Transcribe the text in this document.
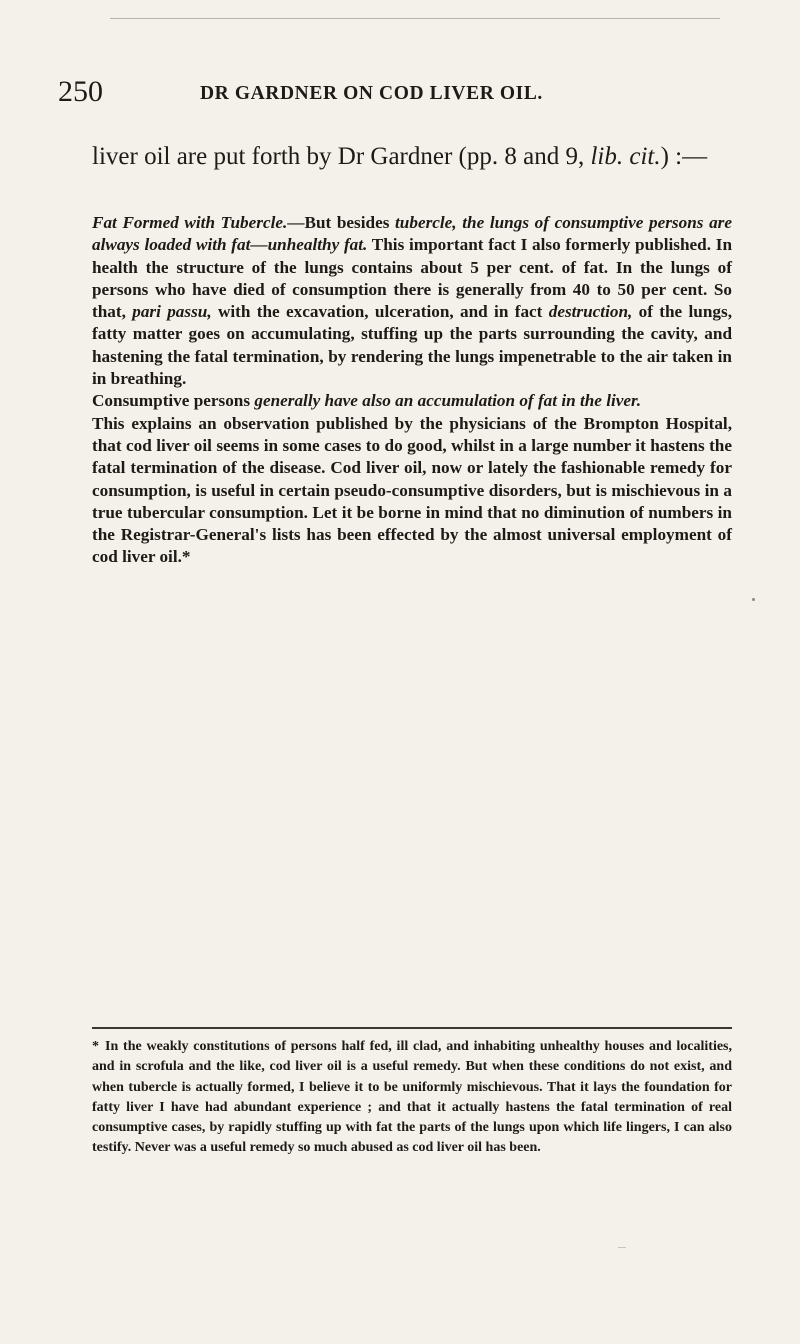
250	DR GARDNER ON COD LIVER OIL.

liver oil are put forth by Dr Gardner (pp. 8 and 9, lib. cit.) :—

Fat Formed with Tubercle.—But besides tubercle, the lungs of consumptive persons are always loaded with fat—unhealthy fat. This important fact I also formerly published. In health the structure of the lungs contains about 5 per cent. of fat. In the lungs of persons who have died of consumption there is generally from 40 to 50 per cent. So that, pari passu, with the excavation, ulceration, and in fact destruction, of the lungs, fatty matter goes on accumulating, stuffing up the parts surrounding the cavity, and hastening the fatal termination, by rendering the lungs impenetrable to the air taken in in breathing.

Consumptive persons generally have also an accumulation of fat in the liver.

This explains an observation published by the physicians of the Brompton Hospital, that cod liver oil seems in some cases to do good, whilst in a large number it hastens the fatal termination of the disease. Cod liver oil, now or lately the fashionable remedy for consumption, is useful in certain pseudo-consumptive disorders, but is mischievous in a true tubercular consumption. Let it be borne in mind that no diminution of numbers in the Registrar-General's lists has been effected by the almost universal employment of cod liver oil.*

* In the weakly constitutions of persons half fed, ill clad, and inhabiting unhealthy houses and localities, and in scrofula and the like, cod liver oil is a useful remedy. But when these conditions do not exist, and when tubercle is actually formed, I believe it to be uniformly mischievous. That it lays the foundation for fatty liver I have had abundant experience ; and that it actually hastens the fatal termination of real consumptive cases, by rapidly stuffing up with fat the parts of the lungs upon which life lingers, I can also testify. Never was a useful remedy so much abused as cod liver oil has been.
